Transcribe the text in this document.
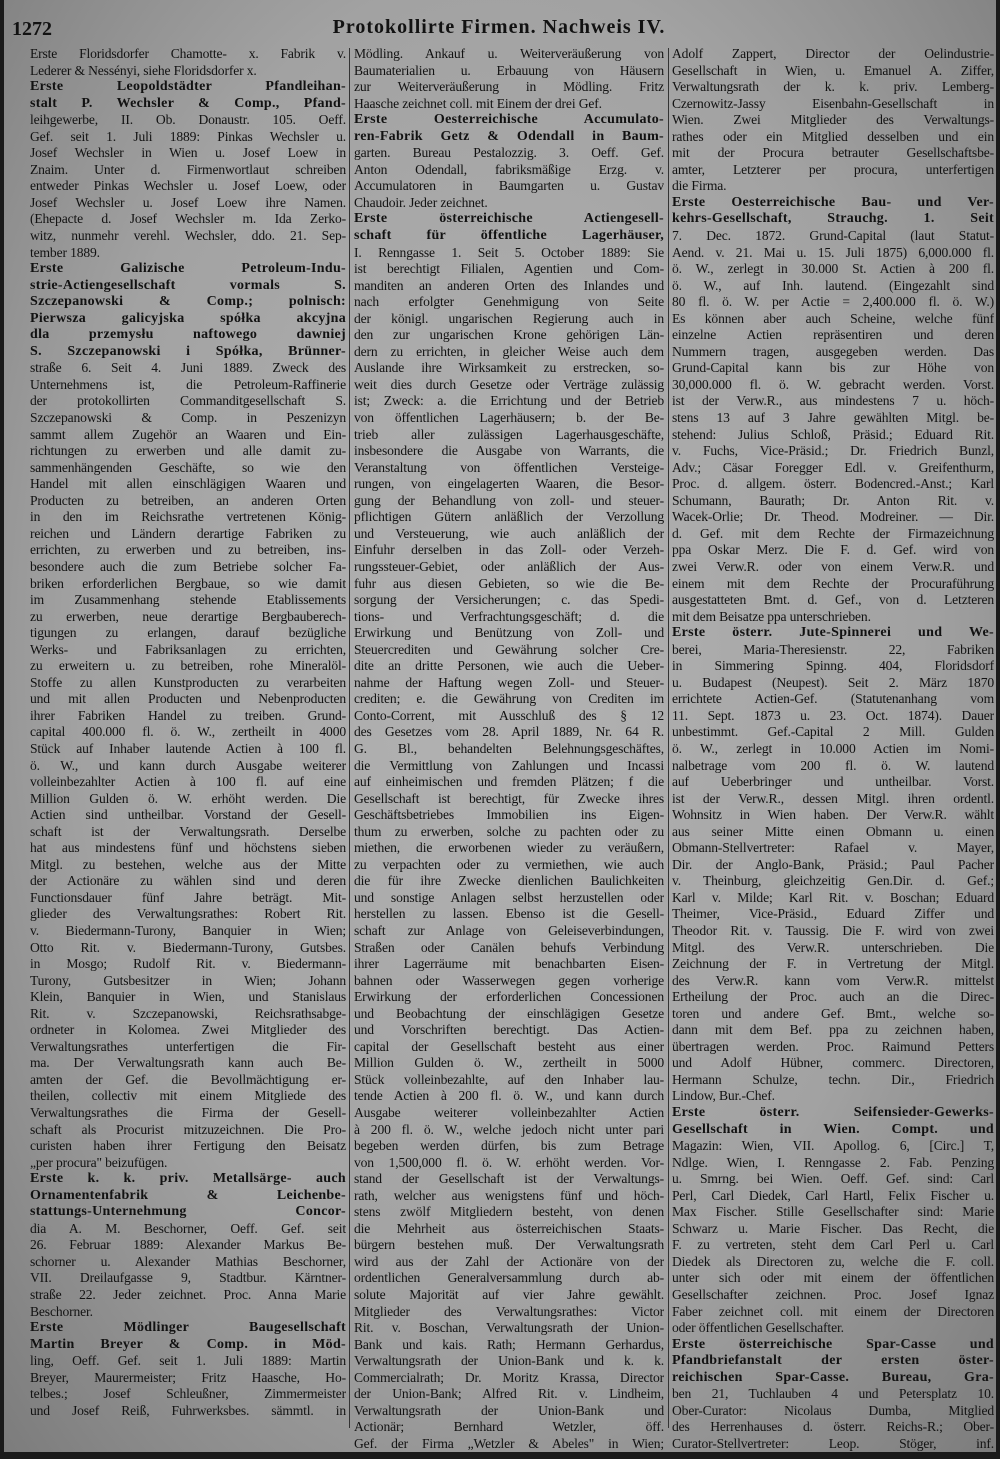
1272	Protokollirte Firmen. Nachweis IV.
Erste Floridsdorfer Chamotte- x. Fabrik v.
Lederer & Nessényi, siehe Floridsdorfer x.
Erste Leopoldstädter Pfandleihan-
stalt P. Wechsler & Comp., Pfand-
leihgewerbe, II. Ob. Donaustr. 105. Oeff.
Gef. seit 1. Juli 1889: Pinkas Wechsler u.
Josef Wechsler in Wien u. Josef Loew in
Znaim. Unter d. Firmenwortlaut schreiben
entweder Pinkas Wechsler u. Josef Loew, oder
Josef Wechsler u. Josef Loew ihre Namen.
(Ehepacte d. Josef Wechsler m. Ida Zerko-
witz, nunmehr verehl. Wechsler, ddo. 21. Sep-
tember 1889.
Erste Galizische Petroleum-Indu-
strie-Actiengesellschaft vormals S.
Szczepanowski & Comp.; polnisch:
Pierwsza galicyjska spółka akcyjna
dla przemysłu naftowego dawniej
S. Szczepanowski i Spółka, Brünner-
straße 6. Seit 4. Juni 1889. Zweck des
Unternehmens ist, die Petroleum-Raffinerie
der protokollirten Commanditgesellschaft S.
Szczepanowski & Comp. in Peszenizyn
sammt allem Zugehör an Waaren und Ein-
richtungen zu erwerben und alle damit zu-
sammenhängenden Geschäfte, so wie den
Handel mit allen einschlägigen Waaren und
Producten zu betreiben, an anderen Orten
in den im Reichsrathe vertretenen König-
reichen und Ländern derartige Fabriken zu
errichten, zu erwerben und zu betreiben, ins-
besondere auch die zum Betriebe solcher Fa-
briken erforderlichen Bergbaue, so wie damit
im Zusammenhang stehende Etablissements
zu erwerben, neue derartige Bergbauberech-
tigungen zu erlangen, darauf bezügliche
Werks- und Fabriksanlagen zu errichten,
zu erweitern u. zu betreiben, rohe Mineralöl-
Stoffe zu allen Kunstproducten zu verarbeiten
und mit allen Producten und Nebenproducten
ihrer Fabriken Handel zu treiben. Grund-
capital 400.000 fl. ö. W., zertheilt in 4000
Stück auf Inhaber lautende Actien à 100 fl.
ö. W., und kann durch Ausgabe weiterer
volleinbezahlter Actien à 100 fl. auf eine
Million Gulden ö. W. erhöht werden. Die
Actien sind untheilbar. Vorstand der Gesell-
schaft ist der Verwaltungsrath. Derselbe
hat aus mindestens fünf und höchstens sieben
Mitgl. zu bestehen, welche aus der Mitte
der Actionäre zu wählen sind und deren
Functionsdauer fünf Jahre beträgt. Mit-
glieder des Verwaltungsrathes: Robert Rit.
v. Biedermann-Turony, Banquier in Wien;
Otto Rit. v. Biedermann-Turony, Gutsbes.
in Mosgo; Rudolf Rit. v. Biedermann-
Turony, Gutsbesitzer in Wien; Johann
Klein, Banquier in Wien, und Stanislaus
Rit. v. Szczepanowski, Reichsrathsabge-
ordneter in Kolomea. Zwei Mitglieder des
Verwaltungsrathes unterfertigen die Fir-
ma. Der Verwaltungsrath kann auch Be-
amten der Gef. die Bevollmächtigung er-
theilen, collectiv mit einem Mitgliede des
Verwaltungsrathes die Firma der Gesell-
schaft als Procurist mitzuzeichnen. Die Pro-
curisten haben ihrer Fertigung den Beisatz
„per procura" beizufügen.
Erste k. k. priv. Metallsärge- auch
Ornamentenfabrik & Leichenbe-
stattungs-Unternehmung Concor-
dia A. M. Beschorner, Oeff. Gef. seit
26. Februar 1889: Alexander Markus Be-
schorner u. Alexander Mathias Beschorner,
VII. Dreilaufgasse 9, Stadtbur. Kärntner-
straße 22. Jeder zeichnet. Proc. Anna Marie
Beschorner.
Erste Mödlinger Baugesellschaft
Martin Breyer & Comp. in Möd-
ling, Oeff. Gef. seit 1. Juli 1889: Martin
Breyer, Maurermeister; Fritz Haasche, Ho-
telbes.; Josef Schleußner, Zimmermeister
und Josef Reiß, Fuhrwerksbes. sämmtl. in
Mödling. Ankauf u. Weiterveräußerung von
Baumaterialien u. Erbauung von Häusern
zur Weiterveräußerung in Mödling. Fritz
Haasche zeichnet coll. mit Einem der drei Gef.
Erste Oesterreichische Accumulato-
ren-Fabrik Getz & Odendall in Baum-
garten. Bureau Pestalozzig. 3. Oeff. Gef.
Anton Odendall, fabriksmäßige Erzg. v.
Accumulatoren in Baumgarten u. Gustav
Chaudoir. Jeder zeichnet.
Erste österreichische Actiengesell-
schaft für öffentliche Lagerhäuser,
I. Renngasse 1. Seit 5. October 1889: Sie
ist berechtigt Filialen, Agentien und Com-
manditen an anderen Orten des Inlandes und
nach erfolgter Genehmigung von Seite
der königl. ungarischen Regierung auch in
den zur ungarischen Krone gehörigen Län-
dern zu errichten, in gleicher Weise auch dem
Auslande ihre Wirksamkeit zu erstrecken, so-
weit dies durch Gesetze oder Verträge zulässig
ist; Zweck: a. die Errichtung und der Betrieb
von öffentlichen Lagerhäusern; b. der Be-
trieb aller zulässigen Lagerhausgeschäfte,
insbesondere die Ausgabe von Warrants, die
Veranstaltung von öffentlichen Versteige-
rungen, von eingelagerten Waaren, die Besor-
gung der Behandlung von zoll- und steuer-
pflichtigen Gütern anläßlich der Verzollung
und Versteuerung, wie auch anläßlich der
Einfuhr derselben in das Zoll- oder Verzeh-
rungssteuer-Gebiet, oder anläßlich der Aus-
fuhr aus diesen Gebieten, so wie die Be-
sorgung der Versicherungen; c. das Spedi-
tions- und Verfrachtungsgeschäft; d. die
Erwirkung und Benützung von Zoll- und
Steuercrediten und Gewährung solcher Cre-
dite an dritte Personen, wie auch die Ueber-
nahme der Haftung wegen Zoll- und Steuer-
crediten; e. die Gewährung von Crediten im
Conto-Corrent, mit Ausschluß des § 12
des Gesetzes vom 28. April 1889, Nr. 64 R.
G. Bl., behandelten Belehnungsgeschäftes,
die Vermittlung von Zahlungen und Incassi
auf einheimischen und fremden Plätzen; f die
Gesellschaft ist berechtigt, für Zwecke ihres
Geschäftsbetriebes Immobilien ins Eigen-
thum zu erwerben, solche zu pachten oder zu
miethen, die erworbenen wieder zu veräußern,
zu verpachten oder zu vermiethen, wie auch
die für ihre Zwecke dienlichen Baulichkeiten
und sonstige Anlagen selbst herzustellen oder
herstellen zu lassen. Ebenso ist die Gesell-
schaft zur Anlage von Geleiseverbindungen,
Straßen oder Canälen behufs Verbindung
ihrer Lagerräume mit benachbarten Eisen-
bahnen oder Wasserwegen gegen vorherige
Erwirkung der erforderlichen Concessionen
und Beobachtung der einschlägigen Gesetze
und Vorschriften berechtigt. Das Actien-
capital der Gesellschaft besteht aus einer
Million Gulden ö. W., zertheilt in 5000
Stück volleinbezahlte, auf den Inhaber lau-
tende Actien à 200 fl. ö. W., und kann durch
Ausgabe weiterer volleinbezahlter Actien
à 200 fl. ö. W., welche jedoch nicht unter pari
begeben werden dürfen, bis zum Betrage
von 1,500,000 fl. ö. W. erhöht werden. Vor-
stand der Gesellschaft ist der Verwaltungs-
rath, welcher aus wenigstens fünf und höch-
stens zwölf Mitgliedern besteht, von denen
die Mehrheit aus österreichischen Staats-
bürgern bestehen muß. Der Verwaltungsrath
wird aus der Zahl der Actionäre von der
ordentlichen Generalversammlung durch ab-
solute Majorität auf vier Jahre gewählt.
Mitglieder des Verwaltungsrathes: Victor
Rit. v. Boschan, Verwaltungsrath der Union-
Bank und kais. Rath; Hermann Gerhardus,
Verwaltungsrath der Union-Bank und k. k.
Commercialrath; Dr. Moritz Krassa, Director
der Union-Bank; Alfred Rit. v. Lindheim,
Verwaltungsrath der Union-Bank und
Actionär; Bernhard Wetzler, öff.
Gef. der Firma „Wetzler & Abeles" in Wien;
Adolf Zappert, Director der Oelindustrie-
Gesellschaft in Wien, u. Emanuel A. Ziffer,
Verwaltungsrath der k. k. priv. Lemberg-
Czernowitz-Jassy Eisenbahn-Gesellschaft in
Wien. Zwei Mitglieder des Verwaltungs-
rathes oder ein Mitglied desselben und ein
mit der Procura betrauter Gesellschaftsbe-
amter, Letzterer per procura, unterfertigen
die Firma.
Erste Oesterreichische Bau- und Ver-
kehrs-Gesellschaft, Strauchg. 1. Seit
7. Dec. 1872. Grund-Capital (laut Statut-
Aend. v. 21. Mai u. 15. Juli 1875) 6,000.000 fl.
ö. W., zerlegt in 30.000 St. Actien à 200 fl.
ö. W., auf Inh. lautend. (Eingezahlt sind
80 fl. ö. W. per Actie = 2,400.000 fl. ö. W.)
Es können aber auch Scheine, welche fünf
einzelne Actien repräsentiren und deren
Nummern tragen, ausgegeben werden. Das
Grund-Capital kann bis zur Höhe von
30,000.000 fl. ö. W. gebracht werden. Vorst.
ist der Verw.R., aus mindestens 7 u. höch-
stens 13 auf 3 Jahre gewählten Mitgl. be-
stehend: Julius Schloß, Präsid.; Eduard Rit.
v. Fuchs, Vice-Präsid.; Dr. Friedrich Bunzl,
Adv.; Cäsar Foregger Edl. v. Greifenthurm,
Proc. d. allgem. österr. Bodencred.-Anst.; Karl
Schumann, Baurath; Dr. Anton Rit. v.
Wacek-Orlie; Dr. Theod. Modreiner. — Dir.
d. Gef. mit dem Rechte der Firmazeichnung
ppa Oskar Merz. Die F. d. Gef. wird von
zwei Verw.R. oder von einem Verw.R. und
einem mit dem Rechte der Procuraführung
ausgestatteten Bmt. d. Gef., von d. Letzteren
mit dem Beisatze ppa unterschrieben.
Erste österr. Jute-Spinnerei und We-
berei, Maria-Theresienstr. 22, Fabriken
in Simmering Spinng. 404, Floridsdorf
u. Budapest (Neupest). Seit 2. März 1870
errichtete Actien-Gef. (Statutenanhang vom
11. Sept. 1873 u. 23. Oct. 1874). Dauer
unbestimmt. Gef.-Capital 2 Mill. Gulden
ö. W., zerlegt in 10.000 Actien im Nomi-
nalbetrage vom 200 fl. ö. W. lautend
auf Ueberbringer und untheilbar. Vorst.
ist der Verw.R., dessen Mitgl. ihren ordentl.
Wohnsitz in Wien haben. Der Verw.R. wählt
aus seiner Mitte einen Obmann u. einen
Obmann-Stellvertreter: Rafael v. Mayer,
Dir. der Anglo-Bank, Präsid.; Paul Pacher
v. Theinburg, gleichzeitig Gen.Dir. d. Gef.;
Karl v. Milde; Karl Rit. v. Boschan; Eduard
Theimer, Vice-Präsid., Eduard Ziffer und
Theodor Rit. v. Taussig. Die F. wird von zwei
Mitgl. des Verw.R. unterschrieben. Die
Zeichnung der F. in Vertretung der Mitgl.
des Verw.R. kann vom Verw.R. mittelst
Ertheilung der Proc. auch an die Direc-
toren und andere Gef. Bmt., welche so-
dann mit dem Bef. ppa zu zeichnen haben,
übertragen werden. Proc. Raimund Petters
und Adolf Hübner, commerc. Directoren,
Hermann Schulze, techn. Dir., Friedrich
Lindow, Bur.-Chef.
Erste österr. Seifensieder-Gewerks-
Gesellschaft in Wien. Compt. und
Magazin: Wien, VII. Apollog. 6, [Circ.] T,
Ndlge. Wien, I. Renngasse 2. Fab. Penzing
u. Smrng. bei Wien. Oeff. Gef. sind: Carl
Perl, Carl Diedek, Carl Hartl, Felix Fischer u.
Max Fischer. Stille Gesellschafter sind: Marie
Schwarz u. Marie Fischer. Das Recht, die
F. zu vertreten, steht dem Carl Perl u. Carl
Diedek als Directoren zu, welche die F. coll.
unter sich oder mit einem der öffentlichen
Gesellschafter zeichnen. Proc. Josef Ignaz
Faber zeichnet coll. mit einem der Directoren
oder öffentlichen Gesellschafter.
Erste österreichische Spar-Casse und
Pfandbriefanstalt der ersten öster-
reichischen Spar-Casse. Bureau, Gra-
ben 21, Tuchlauben 4 und Petersplatz 10.
Ober-Curator: Nicolaus Dumba, Mitglied
des Herrenhauses d. österr. Reichs-R.; Ober-
Curator-Stellvertreter: Leop. Stöger, inf.
